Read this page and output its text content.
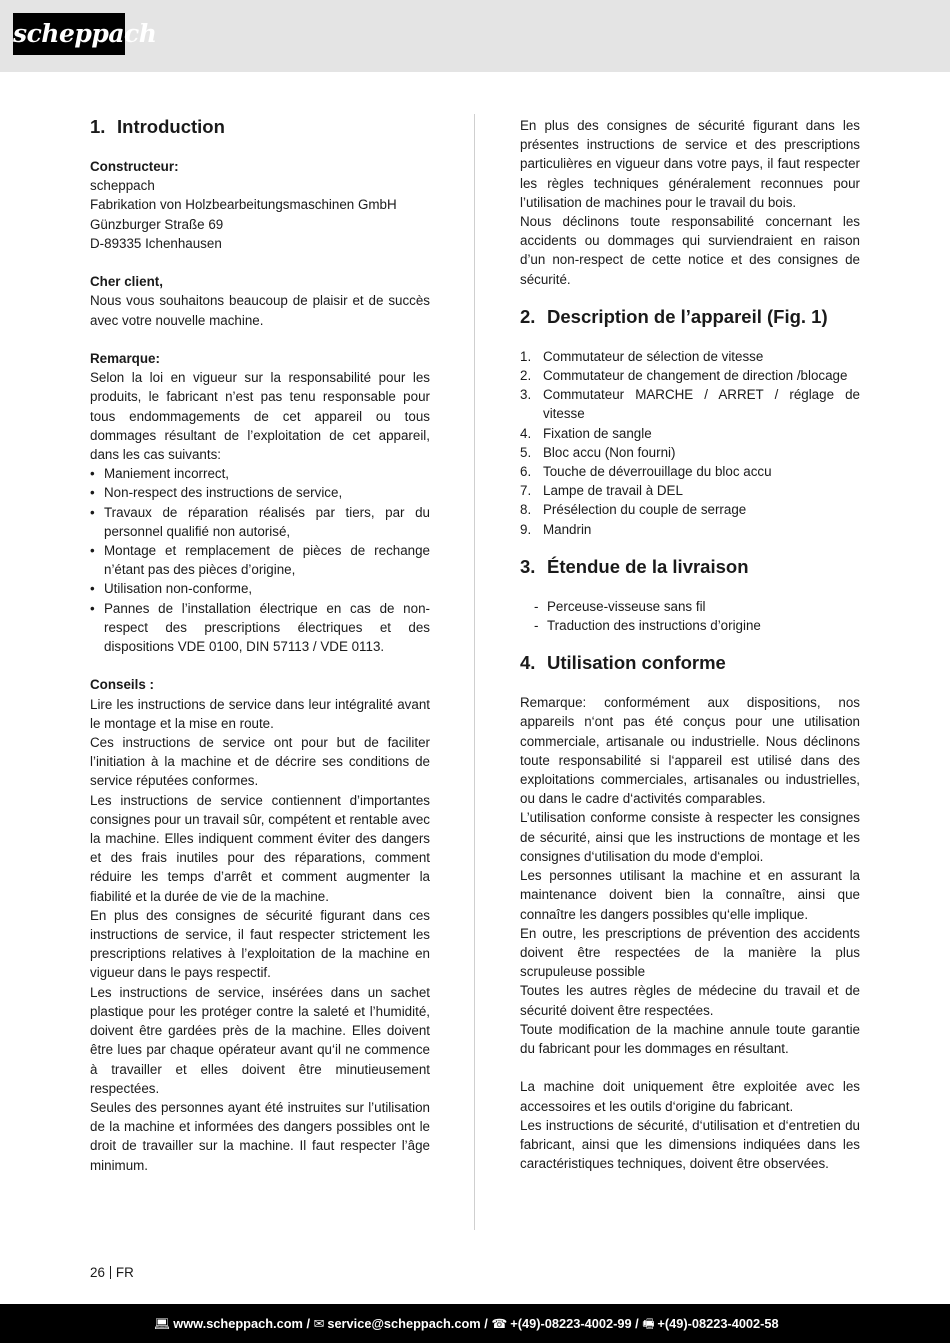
scheppach
1. Introduction

Constructeur:

scheppach

Fabrikation von Holzbearbeitungsmaschinen GmbH

Günzburger Straße 69

D-89335 Ichenhausen

Cher client,

Nous vous souhaitons beaucoup de plaisir et de succès avec votre nouvelle machine.

Remarque:

Selon la loi en vigueur sur la responsabilité pour les produits, le fabricant n’est pas tenu responsable pour tous endommagements de cet appareil ou tous dommages résultant de l’exploitation de cet appareil, dans les cas suivants:

• Maniement incorrect,
• Non-respect des instructions de service,
• Travaux de réparation réalisés par tiers, par du personnel qualifié non autorisé,
• Montage et remplacement de pièces de rechange n’étant pas des pièces d’origine,
• Utilisation non-conforme,
• Pannes de l’installation électrique en cas de non-respect des prescriptions électriques et des dispositions VDE 0100, DIN 57113 / VDE 0113.

Conseils :

Lire les instructions de service dans leur intégralité avant le montage et la mise en route.

Ces instructions de service ont pour but de faciliter l’initiation à la machine et de décrire ses conditions de service réputées conformes.

Les instructions de service contiennent d’importantes consignes pour un travail sûr, compétent et rentable avec la machine. Elles indiquent comment éviter des dangers et des frais inutiles pour des réparations, comment réduire les temps d’arrêt et comment augmenter la fiabilité et la durée de vie de la machine.

En plus des consignes de sécurité figurant dans ces instructions de service, il faut respecter strictement les prescriptions relatives à l’exploitation de la machine en vigueur dans le pays respectif.

Les instructions de service, insérées dans un sachet plastique pour les protéger contre la saleté et l’humidité, doivent être gardées près de la machine. Elles doivent être lues par chaque opérateur avant qu‘il ne commence à travailler et elles doivent être minutieusement respectées.

Seules des personnes ayant été instruites sur l’utilisation de la machine et informées des dangers possibles ont le droit de travailler sur la machine. Il faut respecter l’âge minimum.

En plus des consignes de sécurité figurant dans les présentes instructions de service et des prescriptions particulières en vigueur dans votre pays, il faut respecter les règles techniques généralement reconnues pour l’utilisation de machines pour le travail du bois.

Nous déclinons toute responsabilité concernant les accidents ou dommages qui surviendraient en raison d’un non-respect de cette notice et des consignes de sécurité.

2. Description de l’appareil (Fig. 1)
1. Commutateur de sélection de vitesse
2. Commutateur de changement de direction /blocage
3. Commutateur MARCHE / ARRET / réglage de vitesse
4. Fixation de sangle
5. Bloc accu (Non fourni)
6. Touche de déverrouillage du bloc accu
7. Lampe de travail à DEL
8. Présélection du couple de serrage
9. Mandrin
3. Étendue de la livraison
- Perceuse-visseuse sans fil
- Traduction des instructions d’origine
4. Utilisation conforme

Remarque: conformément aux dispositions, nos appareils n‘ont pas été conçus pour une utilisation commerciale, artisanale ou industrielle. Nous déclinons toute responsabilité si l‘appareil est utilisé dans des exploitations commerciales, artisanales ou industrielles, ou dans le cadre d‘activités comparables.

L’utilisation conforme consiste à respecter les consignes de sécurité, ainsi que les instructions de montage et les consignes d‘utilisation du mode d‘emploi.

Les personnes utilisant la machine et en assurant la maintenance doivent bien la connaître, ainsi que connaître les dangers possibles qu‘elle implique.

En outre, les prescriptions de prévention des accidents doivent être respectées de la manière la plus scrupuleuse possible

Toutes les autres règles de médecine du travail et de sécurité doivent être respectées.

Toute modification de la machine annule toute garantie du fabricant pour les dommages en résultant.

La machine doit uniquement être exploitée avec les accessoires et les outils d‘origine du fabricant.

Les instructions de sécurité, d‘utilisation et d‘entretien du fabricant, ainsi que les dimensions indiquées dans les caractéristiques techniques, doivent être observées.

26 FR
💻︎ www.scheppach.com / ✉︎ service@scheppach.com / ☎︎ +(49)-08223-4002-99 / 🖷︎ +(49)-08223-4002-58
